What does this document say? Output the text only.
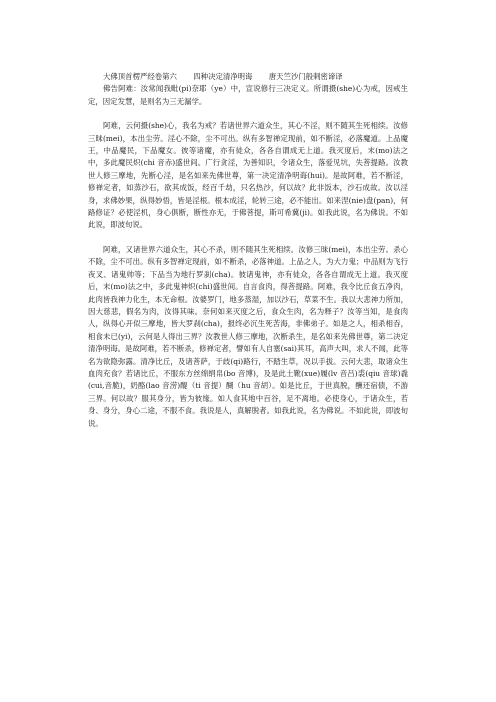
大佛顶首楞严经卷第六 四种决定清净明诲 唐天竺沙门般剌密谛译

佛告阿难：汝常闻我毗(pi)奈耶（ye）中，宣说修行三决定义。所谓摄(she)心为戒，因戒生定，因定发慧，是则名为三无漏学。

阿难，云何摄(she)心，我名为戒？若诸世界六道众生，其心不淫，则不随其生死相续。汝修三昧(mei)，本出尘劳。淫心不除，尘不可出。纵有多智禅定现前，如不断淫，必落魔道。上品魔王，中品魔民，下品魔女。彼等诸魔，亦有徒众，各各自谓成无上道。我灭度后，末(mo)法之中，多此魔民炽(chi 音赤)盛世间。广行贪淫，为善知识，令诸众生，落爱见坑，失菩提路。汝教世人修三摩地，先断心淫，是名如来先佛世尊，第一决定清净明诲(hui)。是故阿难，若不断淫，修禅定者，如蒸沙石，欲其成饭，经百千劫，只名热沙，何以故？此非饭本，沙石成故。汝以淫身，求佛妙果，纵得妙悟，皆是淫根。根本成淫，轮转三途，必不能出。如来涅(nie)盘(pan)，何路修证？必使淫机，身心俱断，断性亦无，于佛菩提，斯可希冀(ji)。如我此说，名为佛说。不如此说，即波旬说。

阿难，又诸世界六道众生，其心不杀，则不随其生死相续。汝修三昧(mei)，本出尘劳。杀心不除，尘不可出。纵有多智禅定现前，如不断杀，必落神道。上品之人，为大力鬼；中品则为飞行夜叉、诸鬼帅等；下品当为地行罗刹(cha)。彼诸鬼神，亦有徒众，各各自谓成无上道。我灭度后，末(mo)法之中，多此鬼神炽(chi)盛世间。自言食肉，得菩提路。阿难，我令比丘食五净肉，此肉皆我神力化生，本无命根。汝婆罗门，地多蒸湿，加以沙石，草菜不生。我以大悲神力所加，因大慈悲，假名为肉，汝得其味。奈何如来灭度之后，食众生肉，名为释子？汝等当知，是食肉人，纵得心开似三摩地，皆大罗刹(cha)，报终必沉生死苦海，非佛弟子。如是之人，相杀相吞，相食未已(yi)，云何是人得出三界？汝教世人修三摩地，次断杀生，是名如来先佛世尊，第二决定清净明诲。是故阿难，若不断杀，修禅定者，譬如有人自塞(sai)其耳，高声大叫，求人不闻，此等名为欲隐弥露。清净比丘，及诸菩萨，于歧(qi)路行，不踏生草，况以手拔。云何大悲，取诸众生血肉充食？若诸比丘，不服东方丝绵绢帛(bo 音博)，及是此土靴(xue)履(lv 音吕)裘(qiu 音球)毳(cui,音脆)，奶酪(lao 音涝)醍（ti 音提）醐（hu 音胡）。如是比丘，于世真脱，酬还宿债，不游三界。何以故？服其身分，皆为彼缘。如人食其地中百谷，足不离地。必使身心，于诸众生，若身、身分，身心二途，不服不食。我说是人，真解脱者。如我此说，名为佛说。不如此说，即波旬说。
